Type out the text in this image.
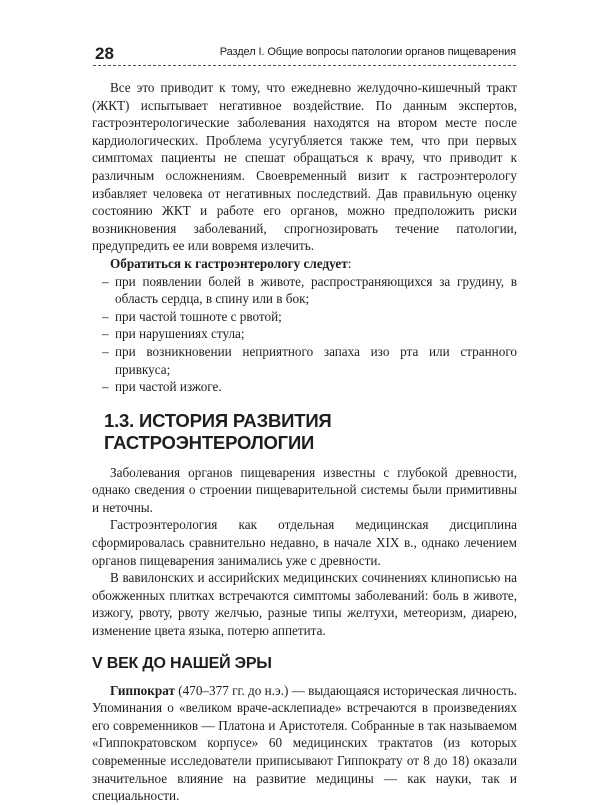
28	Раздел I. Общие вопросы патологии органов пищеварения

Все это приводит к тому, что ежедневно желудочно-кишечный тракт (ЖКТ) испытывает негативное воздействие. По данным экспертов, гастроэнтерологические заболевания находятся на втором месте после кардиологических. Проблема усугубляется также тем, что при первых симптомах пациенты не спешат обращаться к врачу, что приводит к различным осложнениям. Своевременный визит к гастроэнтерологу избавляет человека от негативных последствий. Дав правильную оценку состоянию ЖКТ и работе его органов, можно предположить риски возникновения заболеваний, спрогнозировать течение патологии, предупредить ее или вовремя излечить.

Обратиться к гастроэнтерологу следует:

– при появлении болей в животе, распространяющихся за грудину, в область сердца, в спину или в бок;
– при частой тошноте с рвотой;
– при нарушениях стула;
– при возникновении неприятного запаха изо рта или странного привкуса;
– при частой изжоге.
1.3. ИСТОРИЯ РАЗВИТИЯ ГАСТРОЭНТЕРОЛОГИИ

Заболевания органов пищеварения известны с глубокой древности, однако сведения о строении пищеварительной системы были примитивны и неточны.

Гастроэнтерология как отдельная медицинская дисциплина сформировалась сравнительно недавно, в начале XIX в., однако лечением органов пищеварения занимались уже с древности.

В вавилонских и ассирийских медицинских сочинениях клинописью на обожженных плитках встречаются симптомы заболеваний: боль в животе, изжогу, рвоту, рвоту желчью, разные типы желтухи, метеоризм, диарею, изменение цвета языка, потерю аппетита.

V ВЕК ДО НАШЕЙ ЭРЫ

Гиппократ (470–377 гг. до н.э.) — выдающаяся историческая личность. Упоминания о «великом враче-асклепиаде» встречаются в произведениях его современников — Платона и Аристотеля. Собранные в так называемом «Гиппократовском корпусе» 60 медицинских трактатов (из которых современные исследователи приписывают Гиппократу от 8 до 18) оказали значительное влияние на развитие медицины — как науки, так и специальности.
